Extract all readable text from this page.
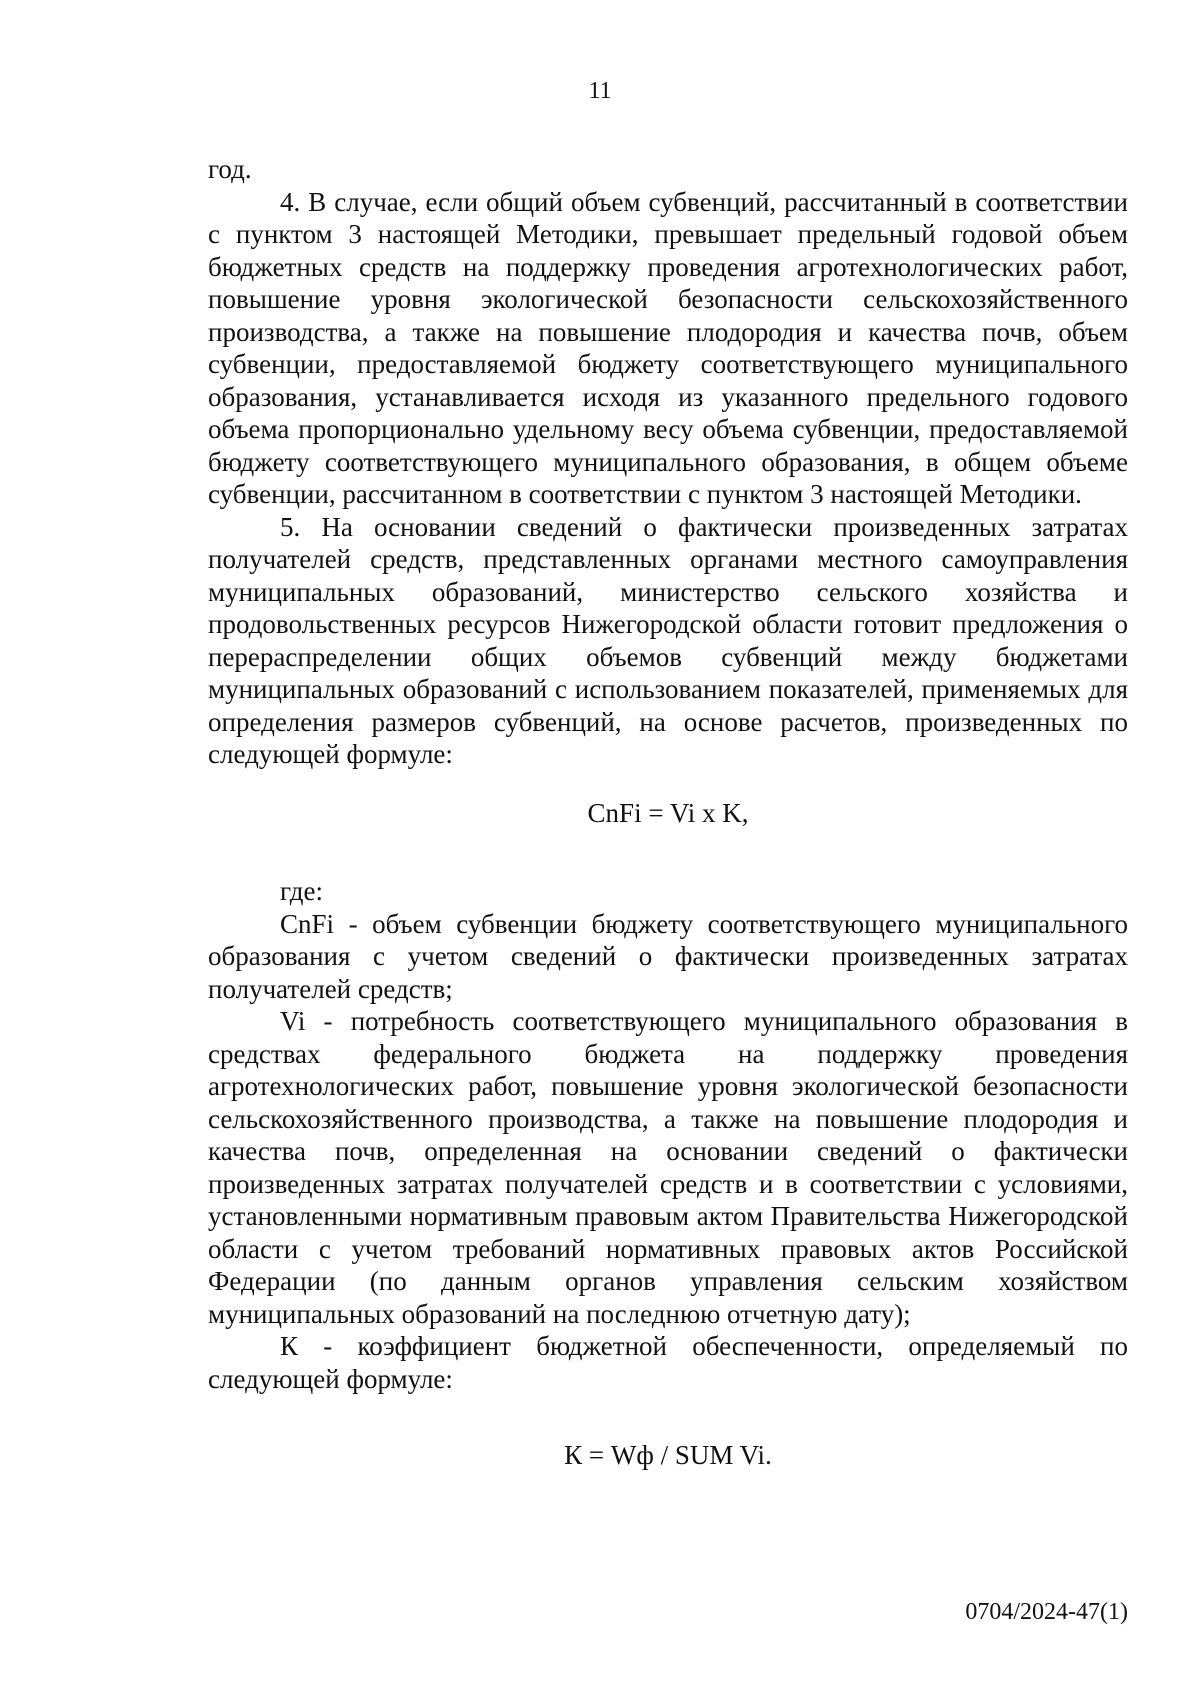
11

год.

4. В случае, если общий объем субвенций, рассчитанный в соответствии с пунктом 3 настоящей Методики, превышает предельный годовой объем бюджетных средств на поддержку проведения агротехнологических работ, повышение уровня экологической безопасности сельскохозяйственного производства, а также на повышение плодородия и качества почв, объем субвенции, предоставляемой бюджету соответствующего муниципального образования, устанавливается исходя из указанного предельного годового объема пропорционально удельному весу объема субвенции, предоставляемой бюджету соответствующего муниципального образования, в общем объеме субвенции, рассчитанном в соответствии с пунктом 3 настоящей Методики.

5. На основании сведений о фактически произведенных затратах получателей средств, представленных органами местного самоуправления муниципальных образований, министерство сельского хозяйства и продовольственных ресурсов Нижегородской области готовит предложения о перераспределении общих объемов субвенций между бюджетами муниципальных образований с использованием показателей, применяемых для определения размеров субвенций, на основе расчетов, произведенных по следующей формуле:

CnFi = Vi x K,

где:

CnFi - объем субвенции бюджету соответствующего муниципального образования с учетом сведений о фактически произведенных затратах получателей средств;

Vi - потребность соответствующего муниципального образования в средствах федерального бюджета на поддержку проведения агротехнологических работ, повышение уровня экологической безопасности сельскохозяйственного производства, а также на повышение плодородия и качества почв, определенная на основании сведений о фактически произведенных затратах получателей средств и в соответствии с условиями, установленными нормативным правовым актом Правительства Нижегородской области с учетом требований нормативных правовых актов Российской Федерации (по данным органов управления сельским хозяйством муниципальных образований на последнюю отчетную дату);

К - коэффициент бюджетной обеспеченности, определяемый по следующей формуле:

К = Wф / SUM Vi.

0704/2024-47(1)
